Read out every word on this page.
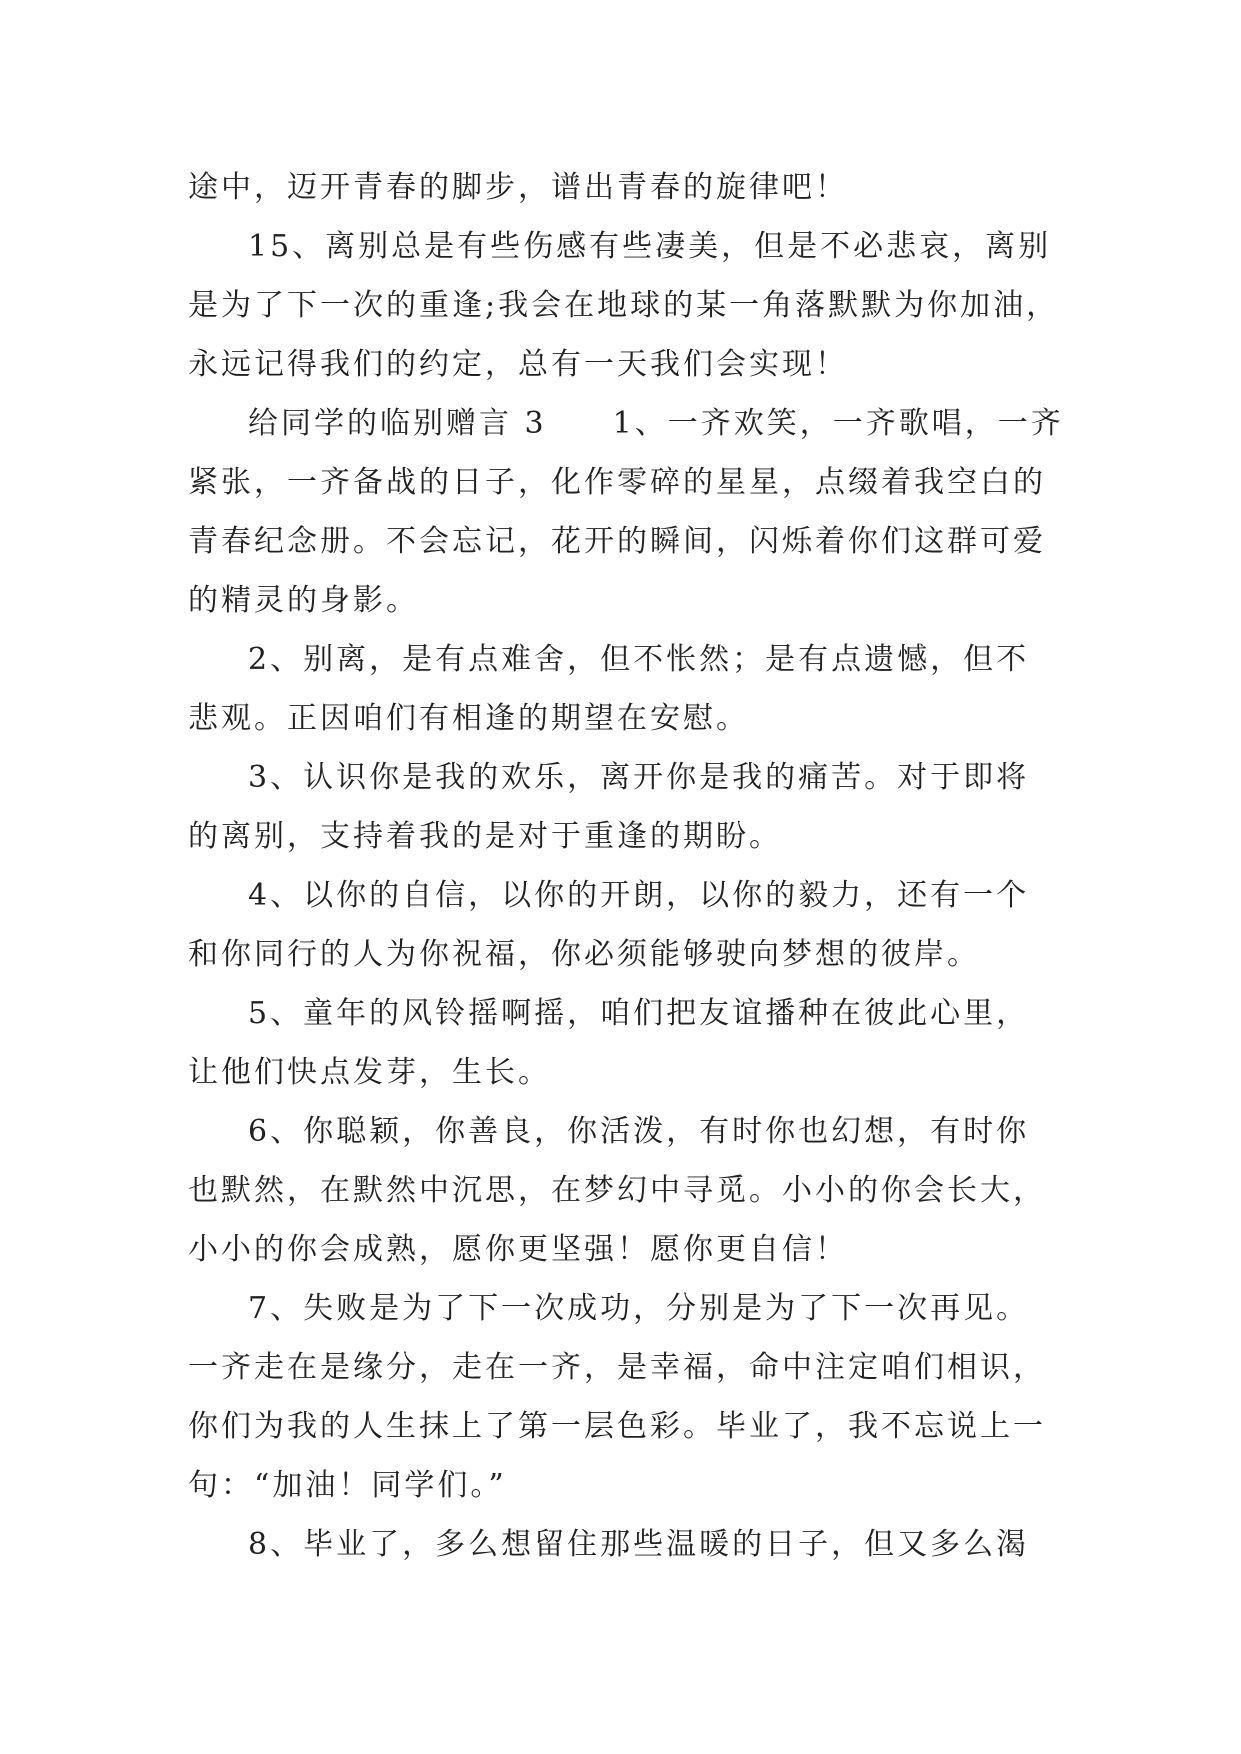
途中，迈开青春的脚步，谱出青春的旋律吧！
15、离别总是有些伤感有些凄美，但是不必悲哀，离别
是为了下一次的重逢;我会在地球的某一角落默默为你加油，
永远记得我们的约定，总有一天我们会实现！
给同学的临别赠言 3　　1、一齐欢笑，一齐歌唱，一齐
紧张，一齐备战的日子，化作零碎的星星，点缀着我空白的
青春纪念册。不会忘记，花开的瞬间，闪烁着你们这群可爱
的精灵的身影。
2、别离，是有点难舍，但不怅然；是有点遗憾，但不
悲观。正因咱们有相逢的期望在安慰。
3、认识你是我的欢乐，离开你是我的痛苦。对于即将
的离别，支持着我的是对于重逢的期盼。
4、以你的自信，以你的开朗，以你的毅力，还有一个
和你同行的人为你祝福，你必须能够驶向梦想的彼岸。
5、童年的风铃摇啊摇，咱们把友谊播种在彼此心里，
让他们快点发芽，生长。
6、你聪颖，你善良，你活泼，有时你也幻想，有时你
也默然，在默然中沉思，在梦幻中寻觅。小小的你会长大，
小小的你会成熟，愿你更坚强！愿你更自信！
7、失败是为了下一次成功，分别是为了下一次再见。
一齐走在是缘分，走在一齐，是幸福，命中注定咱们相识，
你们为我的人生抹上了第一层色彩。毕业了，我不忘说上一
句：“加油！同学们。”
8、毕业了，多么想留住那些温暖的日子，但又多么渴
